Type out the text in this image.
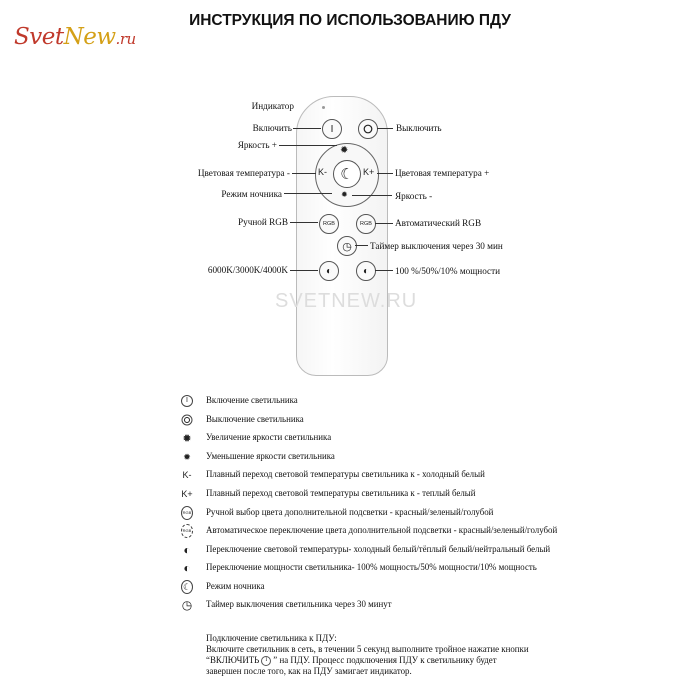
SvetNew.ru
ИНСТРУКЦИЯ ПО ИСПОЛЬЗОВАНИЮ ПДУ
I
✹
✹
K-	K+
☾
RGB	RGB
◷
◐	◐
Индикатор
Включить	Выключить
Яркость +
Цветовая температура -	Цветовая температура +
Режим ночника	Яркость -
Ручной RGB	Автоматический RGB
Таймер выключения через 30 мин
6000K/3000K/4000K	100 %/50%/10% мощности
SVETNEW.RU
I	Включение светильника
Выключение светильника
✹ Увеличение яркости светильника
✹ Уменьшение яркости светильника
K- Плавный переход световой температуры светильника к - холодный белый
K+ Плавный переход световой температуры светильника к - теплый белый
RGB Ручной выбор цвета дополнительной подсветки - красный/зеленый/голубой
RGB Автоматическое переключение цвета дополнительной подсветки - красный/зеленый/голубой
◐ Переключение световой температуры- холодный белый/тёплый белый/нейтральный белый
◐ Переключение мощности светильника- 100% мощность/50% мощности/10% мощность
☾ Режим ночника
◷ Таймер выключения светильника через 30 минут
Подключение светильника к ПДУ:
Включите светильник в сеть, в течении 5 секунд выполните тройное нажатие кнопки
“ВКЛЮЧИТЬ I ” на ПДУ. Процесс подключения ПДУ к светильнику будет
завершен после того, как на ПДУ замигает индикатор.
